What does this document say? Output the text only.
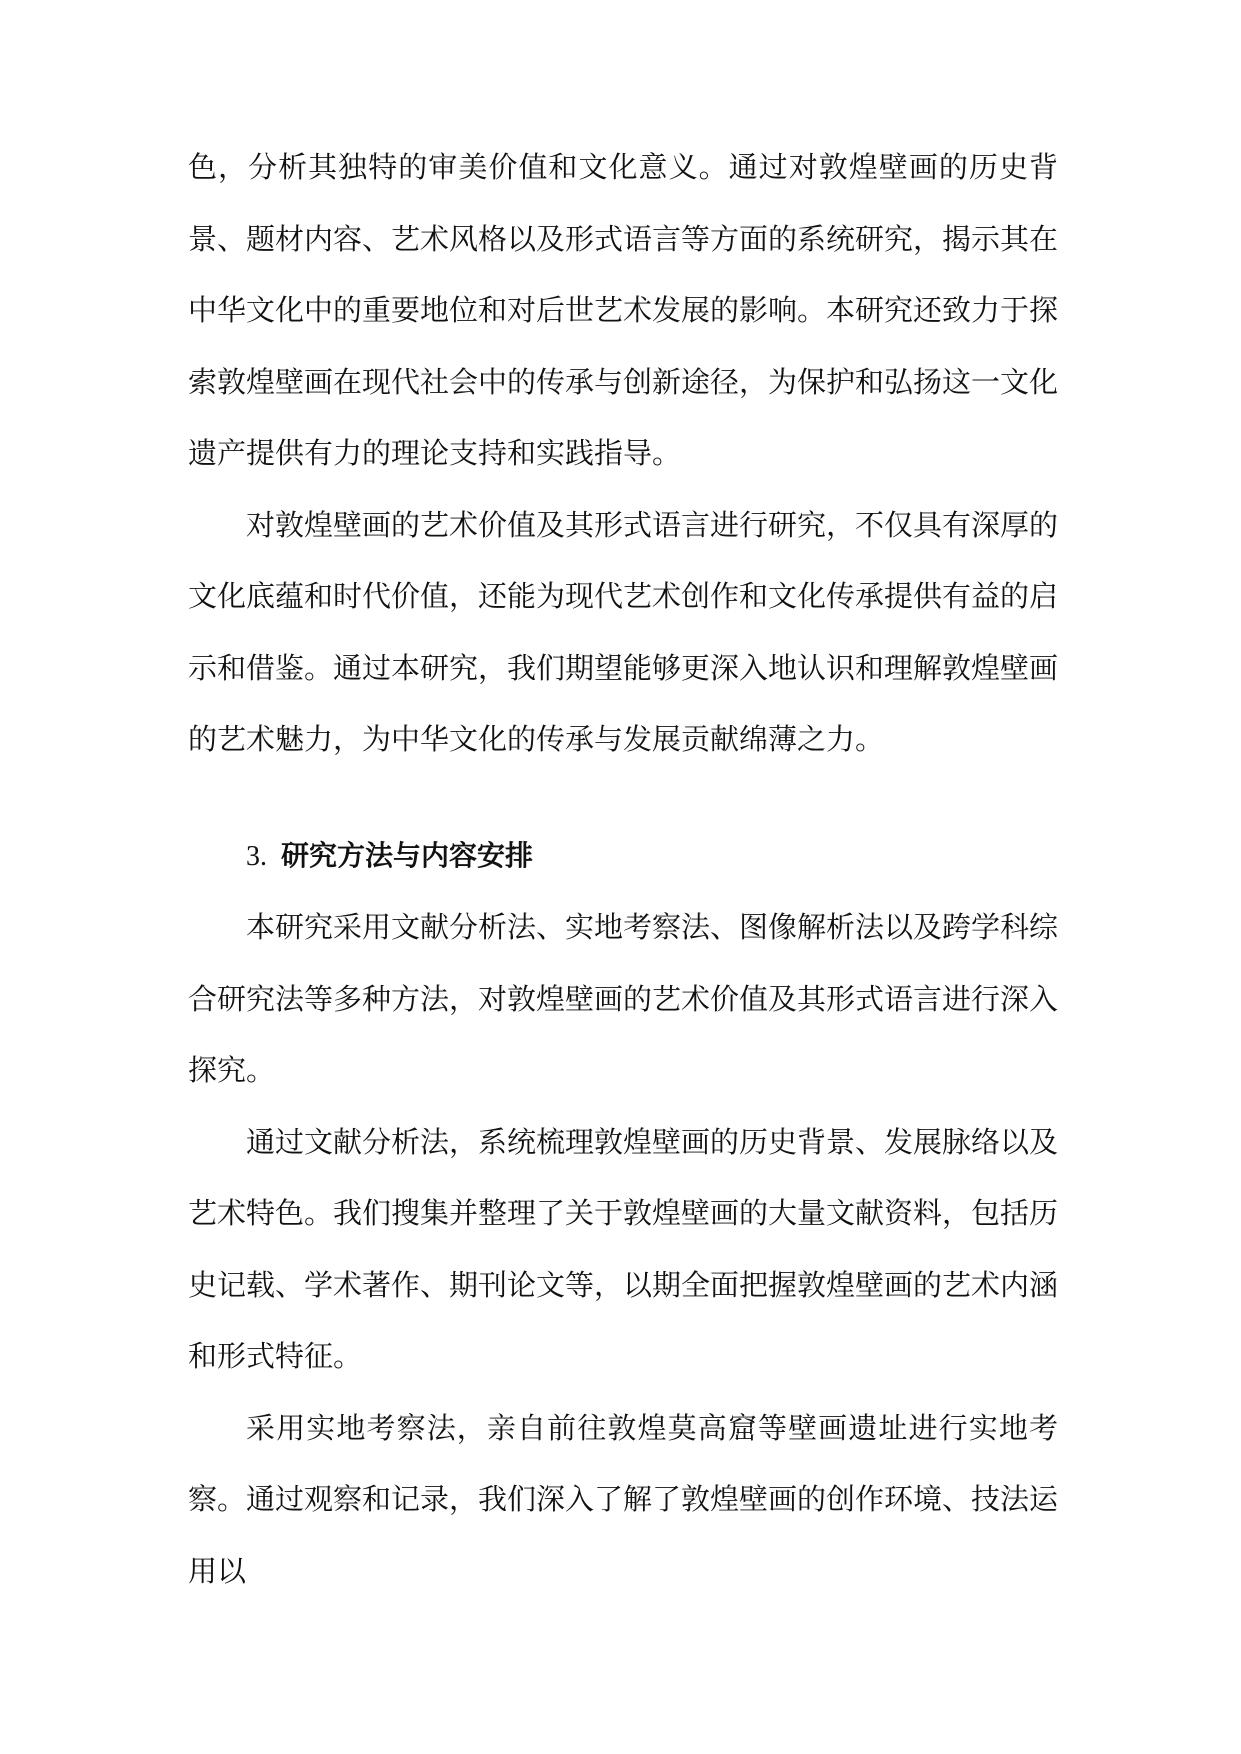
色，分析其独特的审美价值和文化意义。通过对敦煌壁画的历史背景、题材内容、艺术风格以及形式语言等方面的系统研究，揭示其在中华文化中的重要地位和对后世艺术发展的影响。本研究还致力于探索敦煌壁画在现代社会中的传承与创新途径，为保护和弘扬这一文化遗产提供有力的理论支持和实践指导。

对敦煌壁画的艺术价值及其形式语言进行研究，不仅具有深厚的文化底蕴和时代价值，还能为现代艺术创作和文化传承提供有益的启示和借鉴。通过本研究，我们期望能够更深入地认识和理解敦煌壁画的艺术魅力，为中华文化的传承与发展贡献绵薄之力。

3. 研究方法与内容安排

本研究采用文献分析法、实地考察法、图像解析法以及跨学科综合研究法等多种方法，对敦煌壁画的艺术价值及其形式语言进行深入探究。

通过文献分析法，系统梳理敦煌壁画的历史背景、发展脉络以及艺术特色。我们搜集并整理了关于敦煌壁画的大量文献资料，包括历史记载、学术著作、期刊论文等，以期全面把握敦煌壁画的艺术内涵和形式特征。

采用实地考察法，亲自前往敦煌莫高窟等壁画遗址进行实地考察。通过观察和记录，我们深入了解了敦煌壁画的创作环境、技法运用以
